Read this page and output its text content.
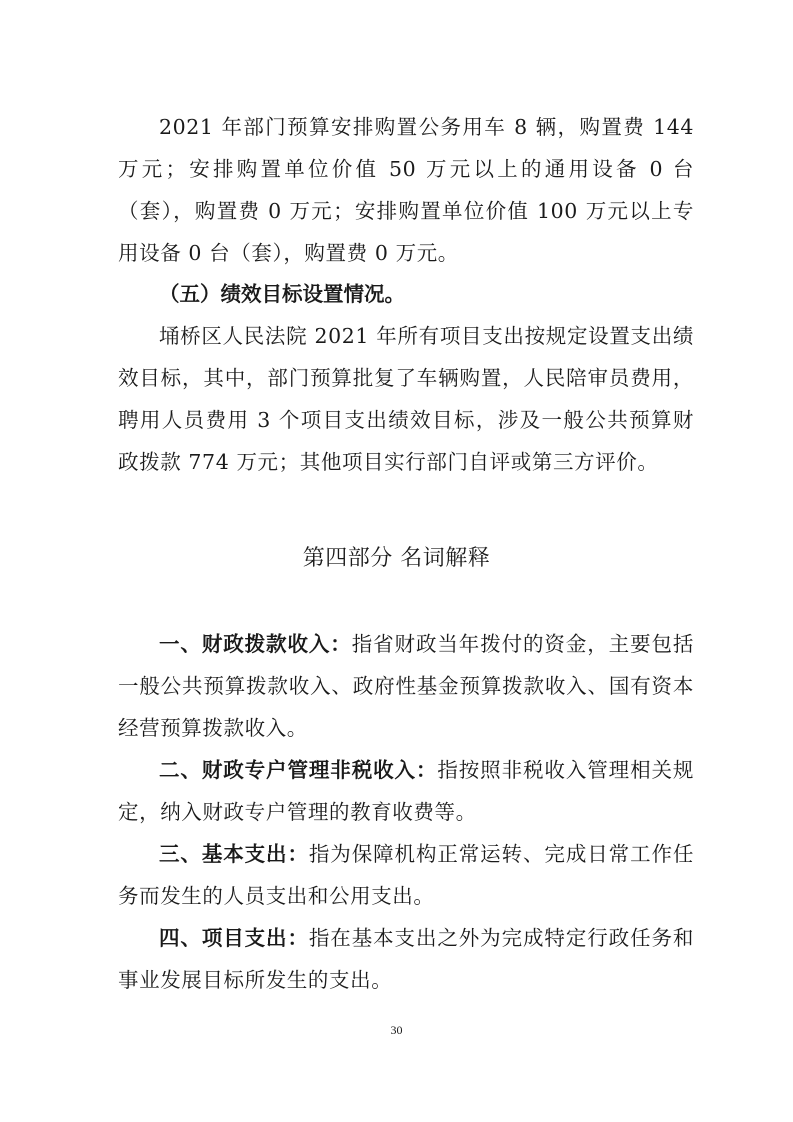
2021 年部门预算安排购置公务用车 8 辆，购置费 144 万元；安排购置单位价值 50 万元以上的通用设备 0 台（套），购置费 0 万元；安排购置单位价值 100 万元以上专用设备 0 台（套），购置费 0 万元。

（五）绩效目标设置情况。

埇桥区人民法院 2021 年所有项目支出按规定设置支出绩效目标，其中，部门预算批复了车辆购置，人民陪审员费用，聘用人员费用 3 个项目支出绩效目标，涉及一般公共预算财政拨款 774 万元；其他项目实行部门自评或第三方评价。

第四部分 名词解释

一、财政拨款收入：指省财政当年拨付的资金，主要包括一般公共预算拨款收入、政府性基金预算拨款收入、国有资本经营预算拨款收入。

二、财政专户管理非税收入：指按照非税收入管理相关规定，纳入财政专户管理的教育收费等。

三、基本支出：指为保障机构正常运转、完成日常工作任务而发生的人员支出和公用支出。

四、项目支出：指在基本支出之外为完成特定行政任务和事业发展目标所发生的支出。

30
